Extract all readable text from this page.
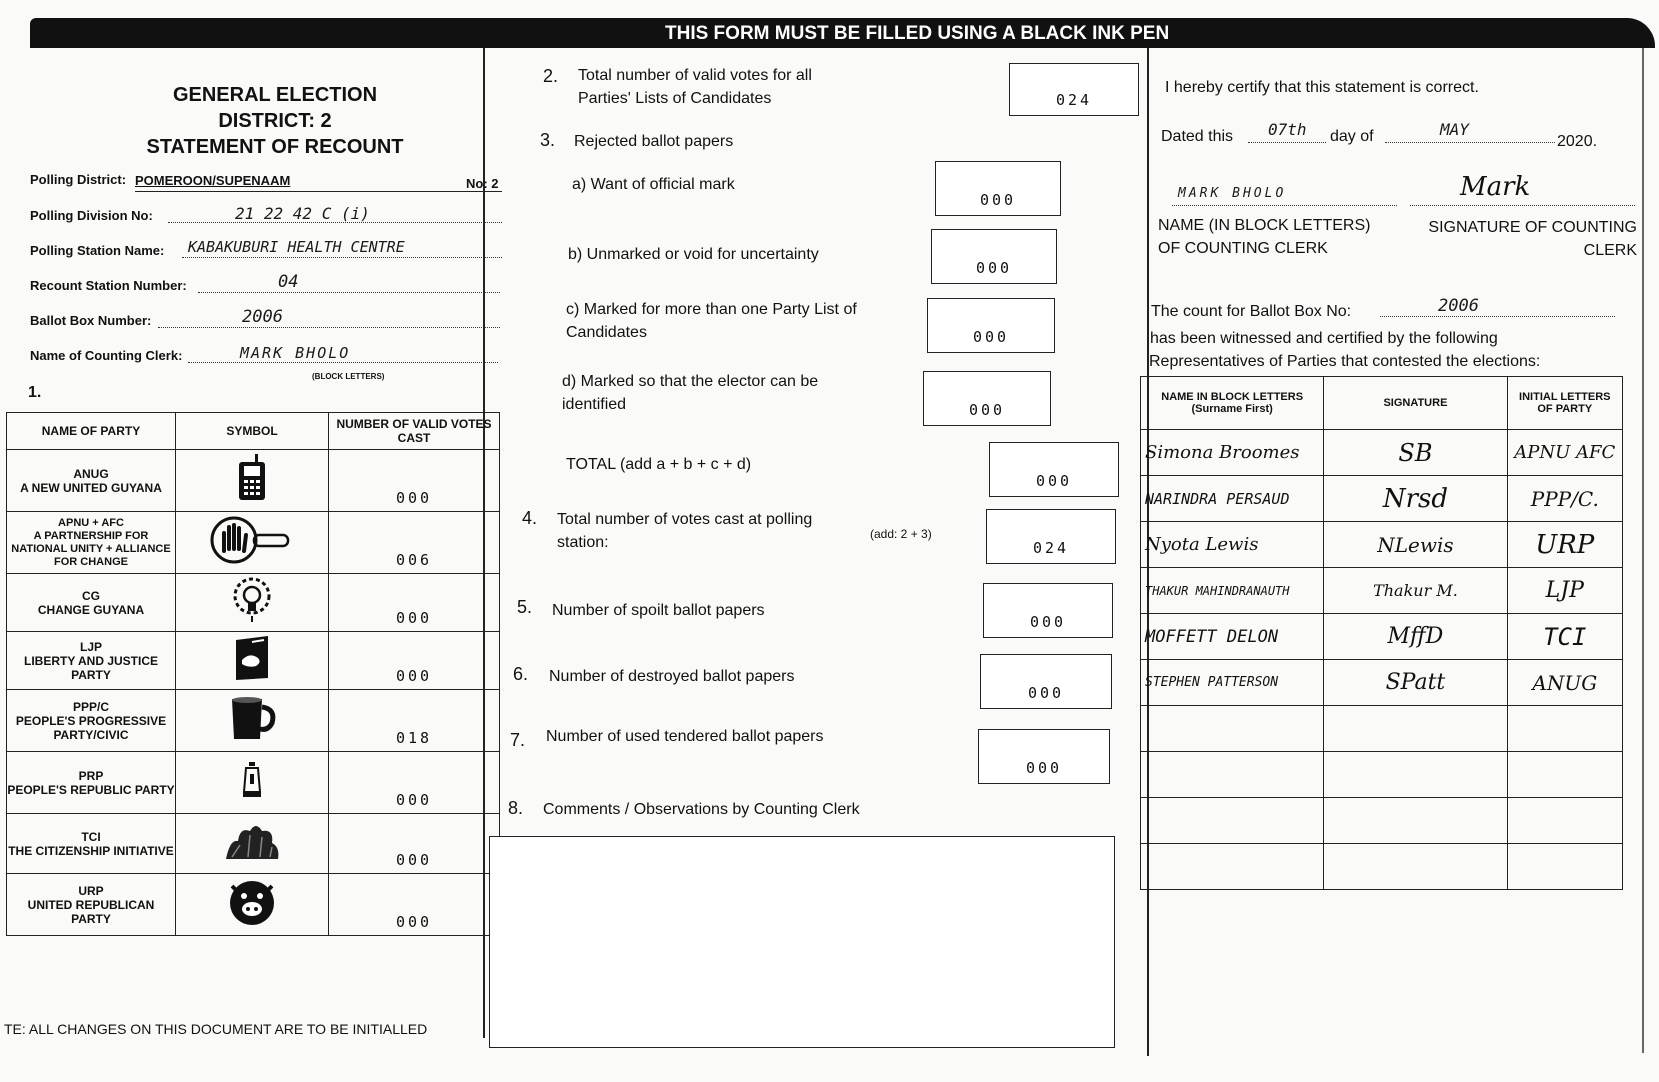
THIS FORM MUST BE FILLED USING A BLACK INK PEN
GENERAL ELECTION
DISTRICT: 2
STATEMENT OF RECOUNT
Polling District: POMEROON/SUPENAAM	No: 2
Polling Division No:	21 22 42 C (i)
Polling Station Name: KABAKUBURI HEALTH CENTRE
Recount Station Number:	04
Ballot Box Number:	2006
Name of Counting Clerk:	MARK BHOLO
(BLOCK LETTERS)
1.
NAME OF PARTY	SYMBOL	NUMBER OF VALID VOTES CAST

ANUG
A NEW UNITED GUYANA		000

APNU + AFC
A PARTNERSHIP FOR NATIONAL UNITY + ALLIANCE FOR CHANGE		006

CG
CHANGE GUYANA		000

LJP
LIBERTY AND JUSTICE PARTY		000

PPP/C
PEOPLE'S PROGRESSIVE PARTY/CIVIC		018

PRP
PEOPLE'S REPUBLIC PARTY		000

TCI
THE CITIZENSHIP INITIATIVE		000

URP
UNITED REPUBLICAN PARTY		000
TE: ALL CHANGES ON THIS DOCUMENT ARE TO BE INITIALLED
2. Total number of valid votes for all Parties' Lists of Candidates	024
3. Rejected ballot papers
a) Want of official mark
000
b) Unmarked or void for uncertainty
000
c) Marked for more than one Party List of Candidates	000
d) Marked so that the elector can be identified	000
TOTAL (add a + b + c + d)
000
4. Total number of votes cast at polling station:	(add: 2 + 3)
024
5. Number of spoilt ballot papers
000
6. Number of destroyed ballot papers
000
7. Number of used tendered ballot papers
000
8. Comments / Observations by Counting Clerk
I hereby certify that this statement is correct.
Dated this 07th day of	MAY
2020.
MARK BHOLO	Mark
NAME (IN BLOCK LETTERS) OF COUNTING CLERK
SIGNATURE OF COUNTING CLERK
The count for Ballot Box No:	2006
has been witnessed and certified by the following
Representatives of Parties that contested the elections:
NAME IN BLOCK LETTERS (Surname First)	SIGNATURE	INITIAL LETTERS OF PARTY
Simona Broomes	SB	APNU AFC
NARINDRA PERSAUD	Nrsd	PPP/C.
Nyota Lewis	NLewis	URP
THAKUR MAHINDRANAUTH	Thakur M.	LJP
MOFFETT DELON	MffD	TCI
STEPHEN PATTERSON	SPatt	ANUG
